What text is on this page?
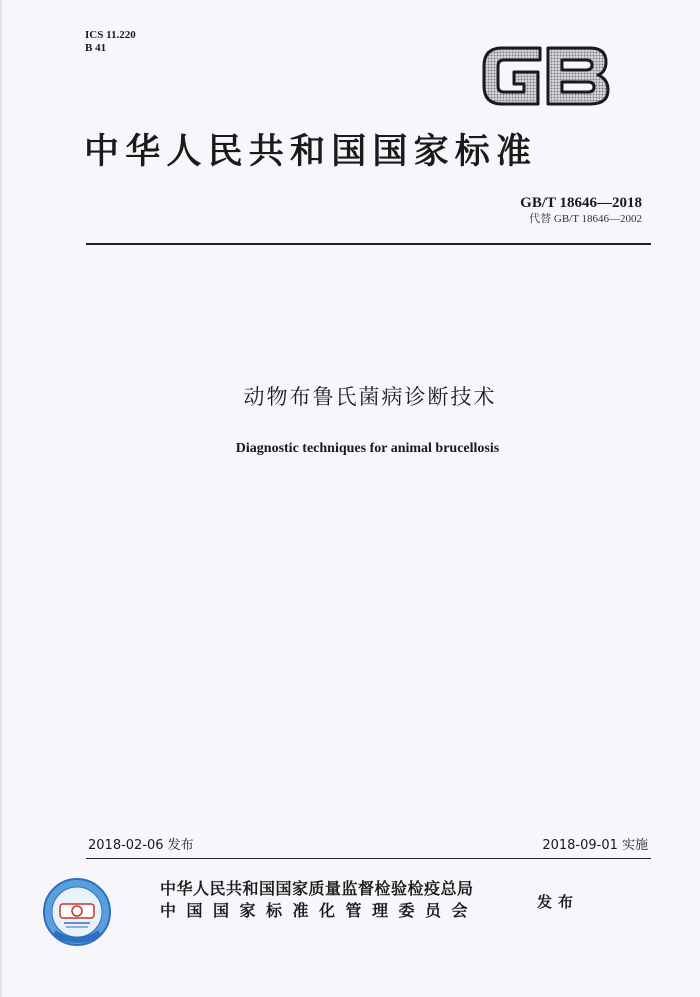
ICS 11.220
B 41
中华人民共和国国家标准
GB/T 18646—2018
代替 GB/T 18646—2002
动物布鲁氏菌病诊断技术
Diagnostic techniques for animal brucellosis
2018-02-06 发布	2018-09-01 实施
中华人民共和国国家质量监督检验检疫总局
中国国家标准化管理委员会	发布
